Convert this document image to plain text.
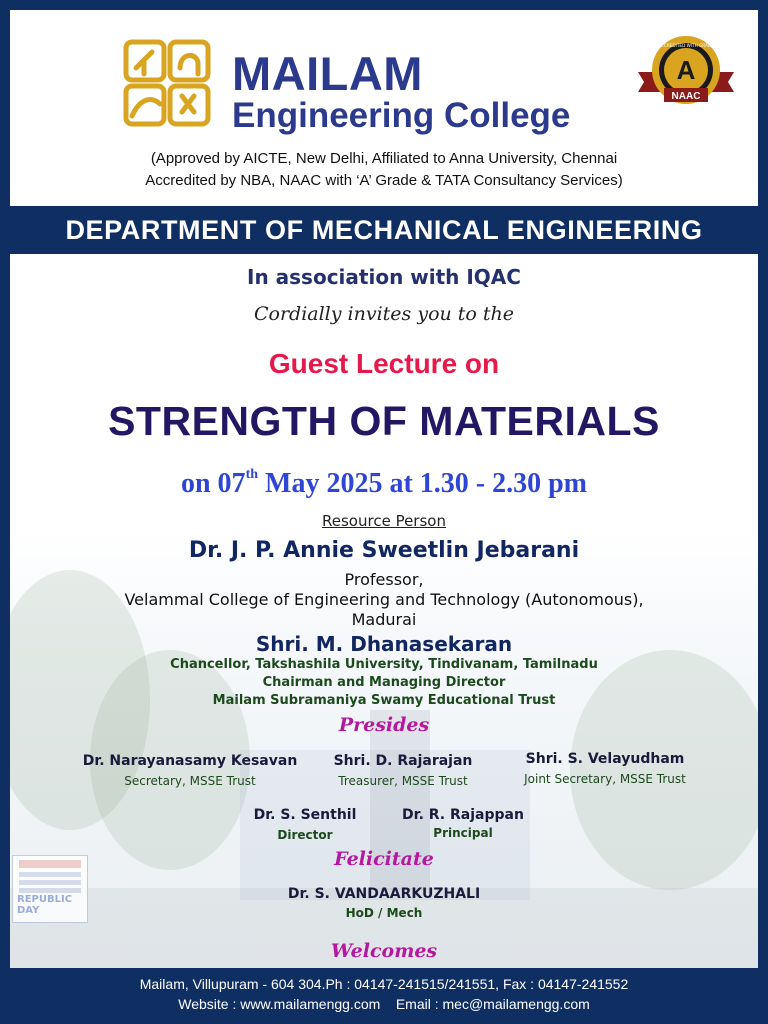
REPUBLIC DAY
MAILAM
Engineering College
A
ACCREDITED WITH GRADE
NAAC
(Approved by AICTE, New Delhi, Affiliated to Anna University, Chennai
Accredited by NBA, NAAC with ‘A’ Grade & TATA Consultancy Services)
DEPARTMENT OF MECHANICAL ENGINEERING
In association with IQAC
Cordially invites you to the
Guest Lecture on
STRENGTH OF MATERIALS
on 07th May 2025 at 1.30 - 2.30 pm
Resource Person
Dr. J. P. Annie Sweetlin Jebarani
Professor,
Velammal College of Engineering and Technology (Autonomous),
Madurai
Shri. M. Dhanasekaran
Chancellor, Takshashila University, Tindivanam, Tamilnadu
Chairman and Managing Director
Mailam Subramaniya Swamy Educational Trust
Presides
Dr. Narayanasamy Kesavan
Secretary, MSSE Trust
Shri. D. Rajarajan
Treasurer, MSSE Trust
Shri. S. Velayudham
Joint Secretary, MSSE Trust
Dr. S. Senthil
Director
Dr. R. Rajappan
Principal
Felicitate
Dr. S. VANDAARKUZHALI
HoD / Mech
Welcomes
Mailam, Villupuram - 604 304.Ph : 04147-241515/241551, Fax : 04147-241552
Website : www.mailamengg.com    Email : mec@mailamengg.com
